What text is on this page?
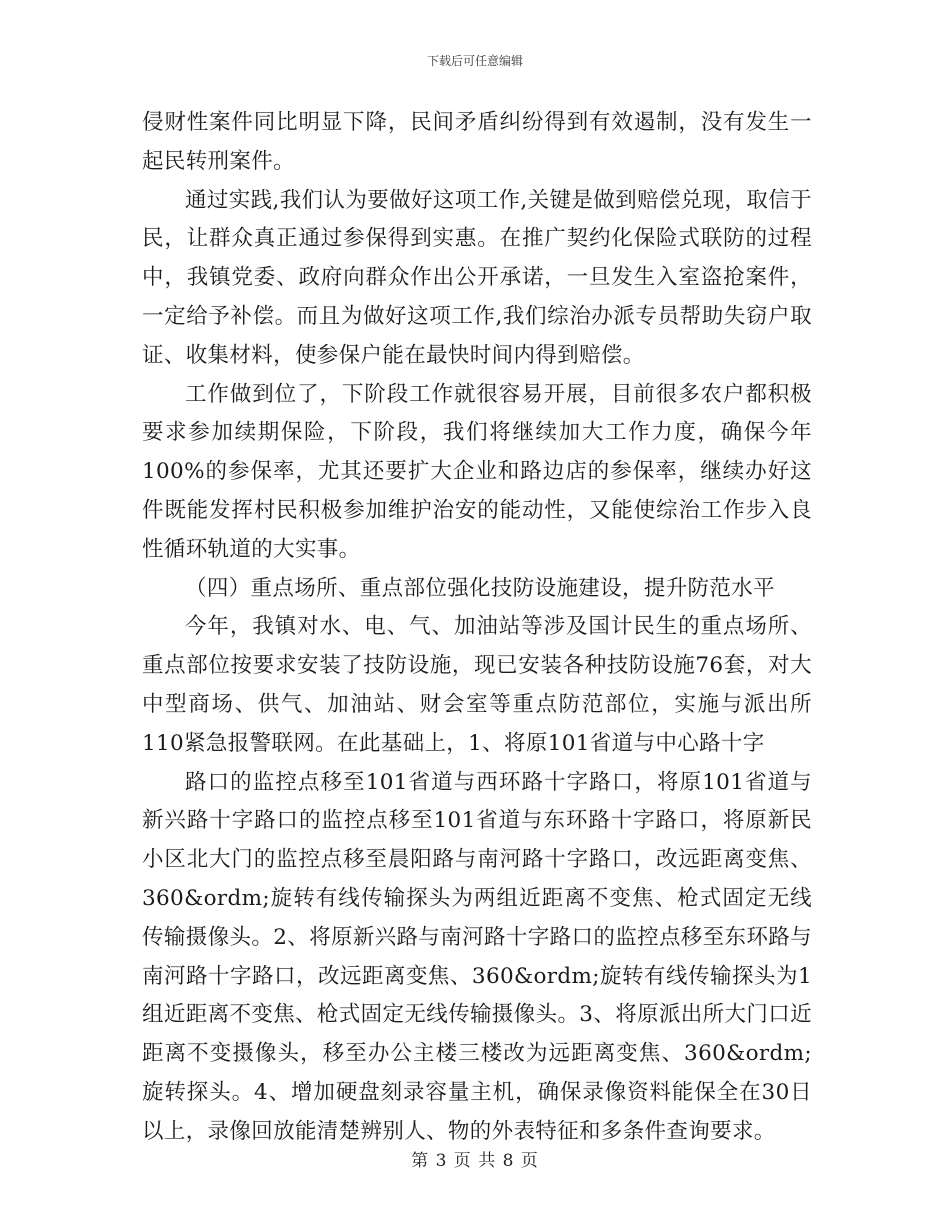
下载后可任意编辑

侵财性案件同比明显下降，民间矛盾纠纷得到有效遏制，没有发生一起民转刑案件。

通过实践,我们认为要做好这项工作,关键是做到赔偿兑现，取信于民，让群众真正通过参保得到实惠。在推广契约化保险式联防的过程中，我镇党委、政府向群众作出公开承诺，一旦发生入室盗抢案件，一定给予补偿。而且为做好这项工作,我们综治办派专员帮助失窃户取证、收集材料，使参保户能在最快时间内得到赔偿。

工作做到位了，下阶段工作就很容易开展，目前很多农户都积极要求参加续期保险，下阶段，我们将继续加大工作力度，确保今年100%的参保率，尤其还要扩大企业和路边店的参保率，继续办好这件既能发挥村民积极参加维护治安的能动性，又能使综治工作步入良性循环轨道的大实事。

（四）重点场所、重点部位强化技防设施建设，提升防范水平

今年，我镇对水、电、气、加油站等涉及国计民生的重点场所、重点部位按要求安装了技防设施，现已安装各种技防设施76套，对大中型商场、供气、加油站、财会室等重点防范部位，实施与派出所110紧急报警联网。在此基础上，1、将原101省道与中心路十字

路口的监控点移至101省道与西环路十字路口，将原101省道与新兴路十字路口的监控点移至101省道与东环路十字路口，将原新民小区北大门的监控点移至晨阳路与南河路十字路口，改远距离变焦、360&ordm;旋转有线传输探头为两组近距离不变焦、枪式固定无线传输摄像头。2、将原新兴路与南河路十字路口的监控点移至东环路与南河路十字路口，改远距离变焦、360&ordm;旋转有线传输探头为1组近距离不变焦、枪式固定无线传输摄像头。3、将原派出所大门口近距离不变摄像头，移至办公主楼三楼改为远距离变焦、360&ordm;旋转探头。4、增加硬盘刻录容量主机，确保录像资料能保全在30日以上，录像回放能清楚辨别人、物的外表特征和多条件查询要求。

第 3 页 共 8 页
